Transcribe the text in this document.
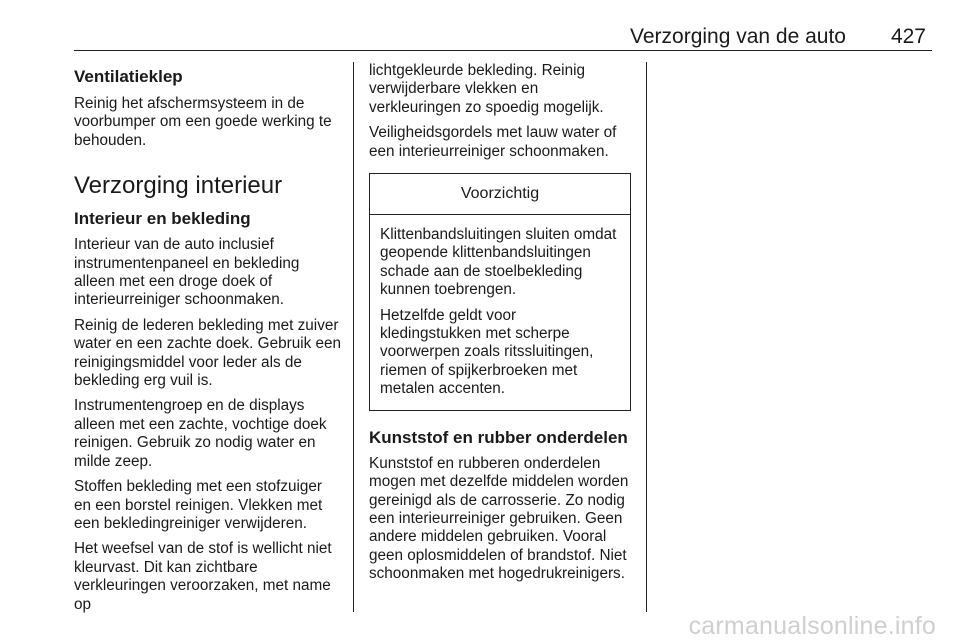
Verzorging van de auto 427
Ventilatieklep

Reinig het afschermsysteem in de voorbumper om een goede werking te behouden.

Verzorging interieur
Interieur en bekleding

Interieur van de auto inclusief instrumentenpaneel en bekleding alleen met een droge doek of interieurreiniger schoonmaken.

Reinig de lederen bekleding met zuiver water en een zachte doek. Gebruik een reinigingsmiddel voor leder als de bekleding erg vuil is.

Instrumentengroep en de displays alleen met een zachte, vochtige doek reinigen. Gebruik zo nodig water en milde zeep.

Stoffen bekleding met een stofzuiger en een borstel reinigen. Vlekken met een bekledingreiniger verwijderen.

Het weefsel van de stof is wellicht niet kleurvast. Dit kan zichtbare verkleuringen veroorzaken, met name op

lichtgekleurde bekleding. Reinig verwijderbare vlekken en verkleuringen zo spoedig mogelijk.

Veiligheidsgordels met lauw water of een interieurreiniger schoonmaken.

Voorzichtig

Klittenbandsluitingen sluiten omdat geopende klittenbandsluitingen schade aan de stoelbekleding kunnen toebrengen.

Hetzelfde geldt voor kledingstukken met scherpe voorwerpen zoals ritssluitingen, riemen of spijkerbroeken met metalen accenten.

Kunststof en rubber onderdelen

Kunststof en rubberen onderdelen mogen met dezelfde middelen worden gereinigd als de carrosserie. Zo nodig een interieurreiniger gebruiken. Geen andere middelen gebruiken. Vooral geen oplosmiddelen of brandstof. Niet schoonmaken met hogedrukreinigers.

carmanualsonline.info
